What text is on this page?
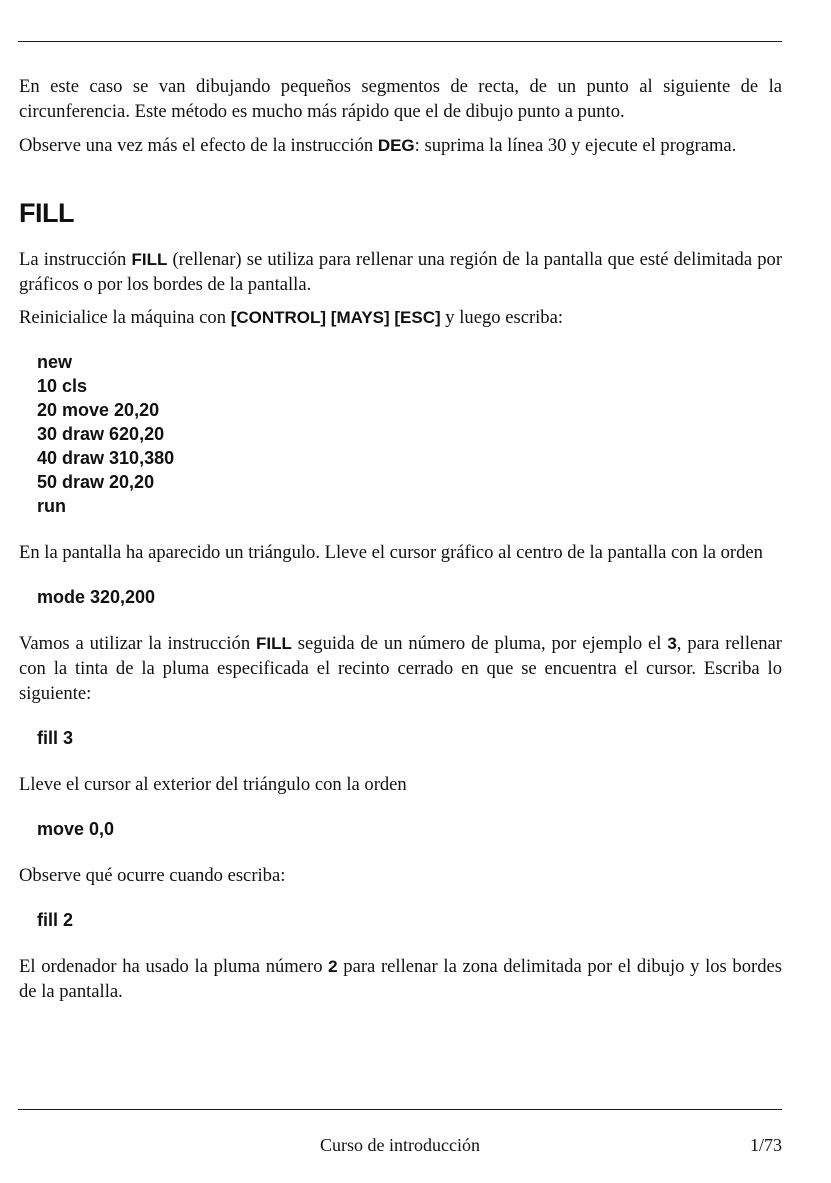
En este caso se van dibujando pequeños segmentos de recta, de un punto al siguiente de la circunferencia. Este método es mucho más rápido que el de dibujo punto a punto.

Observe una vez más el efecto de la instrucción DEG: suprima la línea 30 y ejecute el programa.

FILL

La instrucción FILL (rellenar) se utiliza para rellenar una región de la pantalla que esté delimitada por gráficos o por los bordes de la pantalla.

Reinicialice la máquina con [CONTROL] [MAYS] [ESC] y luego escriba:

new
10 cls
20 move 20,20
30 draw 620,20
40 draw 310,380
50 draw 20,20
run

En la pantalla ha aparecido un triángulo. Lleve el cursor gráfico al centro de la pantalla con la orden

mode 320,200

Vamos a utilizar la instrucción FILL seguida de un número de pluma, por ejemplo el 3, para rellenar con la tinta de la pluma especificada el recinto cerrado en que se encuentra el cursor. Escriba lo siguiente:

fill 3

Lleve el cursor al exterior del triángulo con la orden

move 0,0

Observe qué ocurre cuando escriba:

fill 2

El ordenador ha usado la pluma número 2 para rellenar la zona delimitada por el dibujo y los bordes de la pantalla.

Curso de introducción	1/73
